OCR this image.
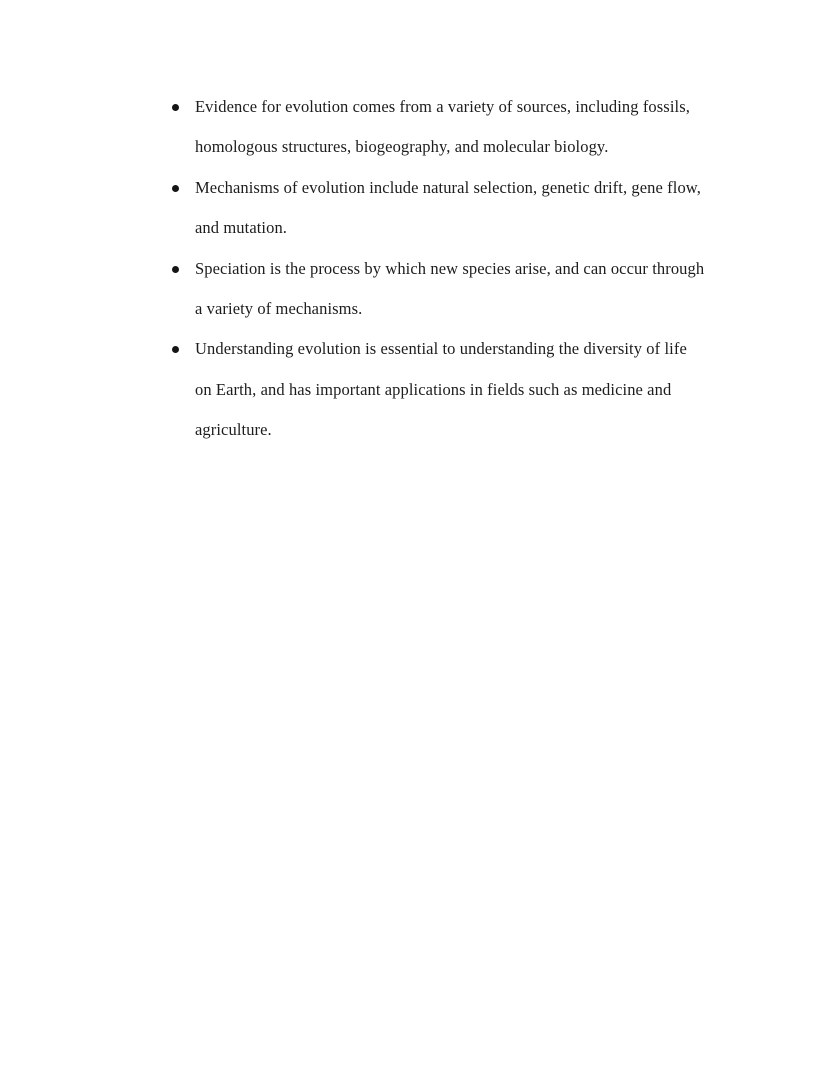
Evidence for evolution comes from a variety of sources, including fossils,
homologous structures, biogeography, and molecular biology.
Mechanisms of evolution include natural selection, genetic drift, gene flow,
and mutation.
Speciation is the process by which new species arise, and can occur through
a variety of mechanisms.
Understanding evolution is essential to understanding the diversity of life
on Earth, and has important applications in fields such as medicine and
agriculture.
